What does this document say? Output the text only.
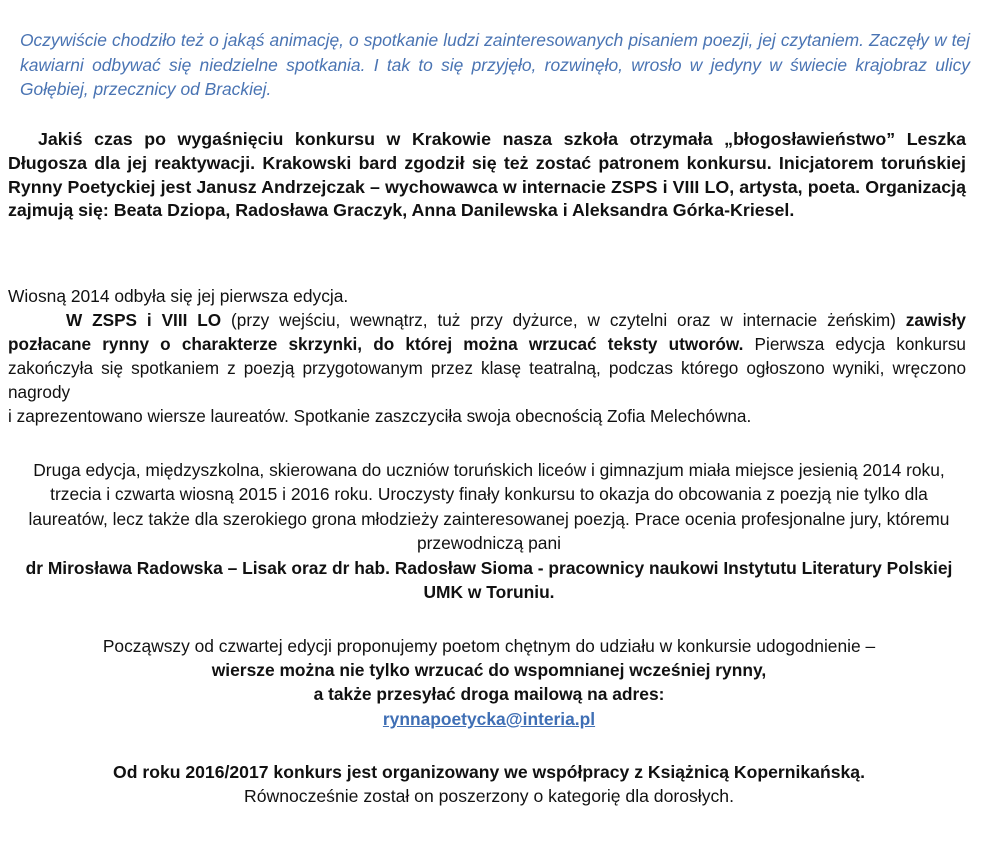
Oczywiście chodziło też o jakąś animację, o spotkanie ludzi zainteresowanych pisaniem poezji, jej czytaniem. Zaczęły w tej kawiarni odbywać się niedzielne spotkania. I tak to się przyjęło, rozwinęło, wrosło w jedyny w świecie krajobraz ulicy Gołębiej, przecznicy od Brackiej.

Jakiś czas po wygaśnięciu konkursu w Krakowie nasza szkoła otrzymała „błogosławieństwo” Leszka Długosza dla jej reaktywacji. Krakowski bard zgodził się też zostać patronem konkursu. Inicjatorem toruńskiej Rynny Poetyckiej jest Janusz Andrzejczak – wychowawca w internacie ZSPS i VIII LO, artysta, poeta. Organizacją zajmują się: Beata Dziopa, Radosława Graczyk, Anna Danilewska i Aleksandra Górka-Kriesel.

Wiosną 2014 odbyła się jej pierwsza edycja.

W ZSPS i VIII LO (przy wejściu, wewnątrz, tuż przy dyżurce, w czytelni oraz w internacie żeńskim) zawisły pozłacane rynny o charakterze skrzynki, do której można wrzucać teksty utworów. Pierwsza edycja konkursu zakończyła się spotkaniem z poezją przygotowanym przez klasę teatralną, podczas którego ogłoszono wyniki, wręczono nagrody
i zaprezentowano wiersze laureatów. Spotkanie zaszczyciła swoja obecnością Zofia Melechówna.
Druga edycja, międzyszkolna, skierowana do uczniów toruńskich liceów i gimnazjum miała miejsce jesienią 2014 roku, trzecia i czwarta wiosną 2015 i 2016 roku. Uroczysty finały konkursu to okazja do obcowania z poezją nie tylko dla laureatów, lecz także dla szerokiego grona młodzieży zainteresowanej poezją. Prace ocenia profesjonalne jury, któremu przewodniczą pani
dr Mirosława Radowska – Lisak oraz dr hab. Radosław Sioma - pracownicy naukowi Instytutu Literatury Polskiej UMK w Toruniu.
Począwszy od czwartej edycji proponujemy poetom chętnym do udziału w konkursie udogodnienie –
wiersze można nie tylko wrzucać do wspomnianej wcześniej rynny,
a także przesyłać droga mailową na adres:
rynnapoetycka@interia.pl
Od roku 2016/2017 konkurs jest organizowany we współpracy z Książnicą Kopernikańską.
Równocześnie został on poszerzony o kategorię dla dorosłych.
